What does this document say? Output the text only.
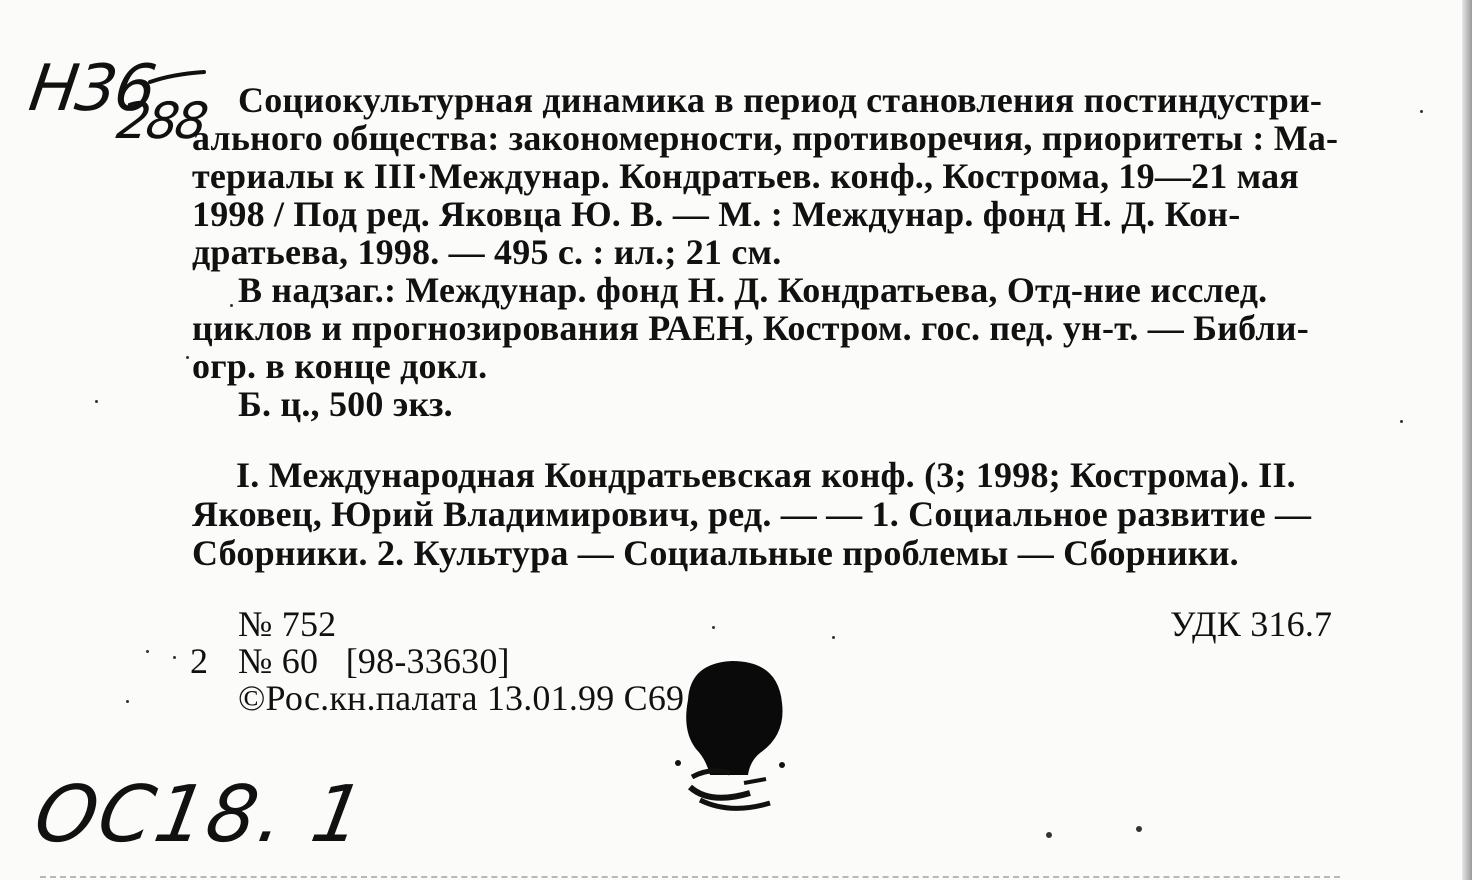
Н36
288 Социокультурная динамика в период становления постиндустри-
ального общества: закономерности, противоречия, приоритеты : Ма-
териалы к III·Междунар. Кондратьев. конф., Кострома, 19—21 мая
1998 / Под ред. Яковца Ю. В. — М. : Междунар. фонд Н. Д. Кон-
дратьева, 1998. — 495 с. : ил.; 21 см.
В надзаг.: Междунар. фонд Н. Д. Кондратьева, Отд-ние исслед.
циклов и прогнозирования РАЕН, Костром. гос. пед. ун-т. — Библи-
огр. в конце докл.
Б. ц., 500 экз.
I. Международная Кондратьевская конф. (3; 1998; Кострома). II.
Яковец, Юрий Владимирович, ред. — — 1. Социальное развитие —
Сборники. 2. Культура — Социальные проблемы — Сборники.
№ 752	УДК 316.7
2 № 60   [98-33630]
©Рос.кн.палата 13.01.99 С69
ОС18. 1
